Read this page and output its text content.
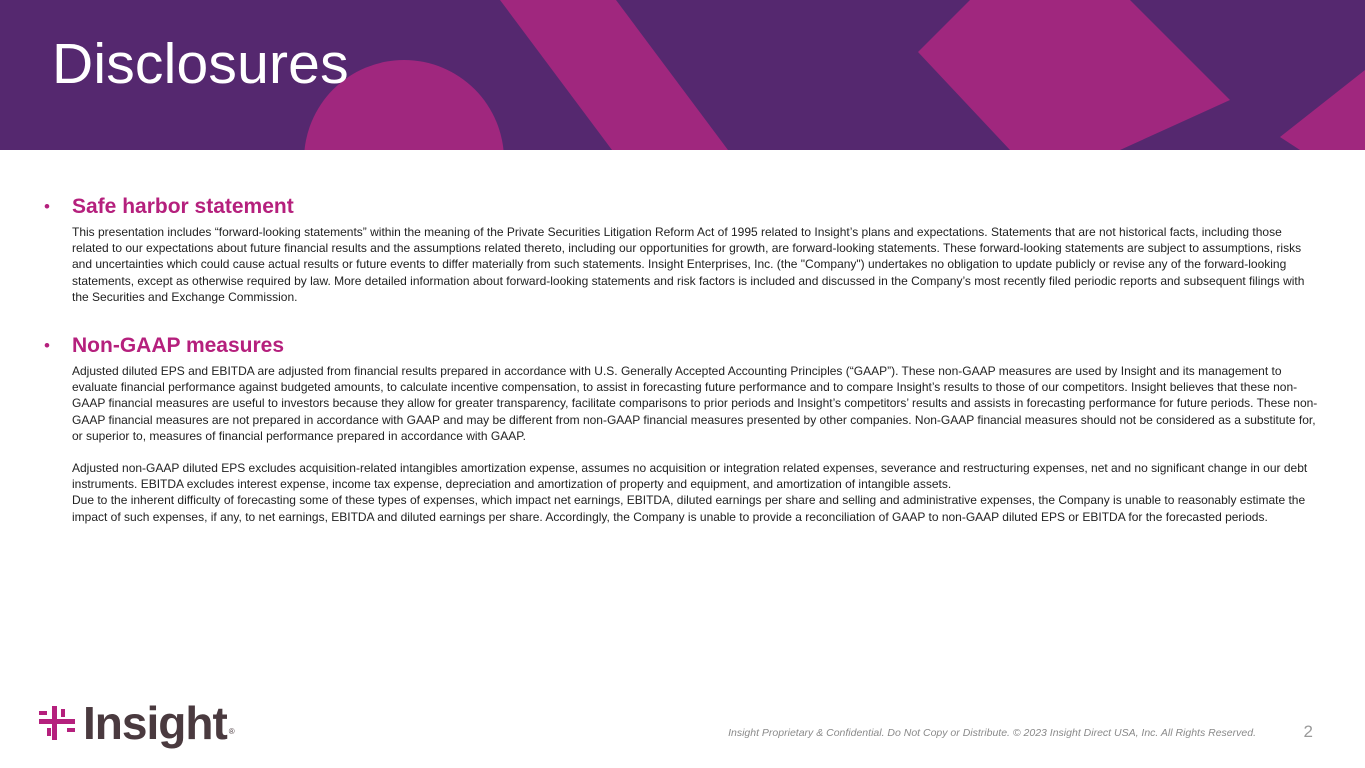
Disclosures
•	Safe harbor statement

This presentation includes “forward-looking statements” within the meaning of the Private Securities Litigation Reform Act of 1995 related to Insight’s plans and expectations. Statements that are not historical facts, including those related to our expectations about future financial results and the assumptions related thereto, including our opportunities for growth, are forward-looking statements. These forward-looking statements are subject to assumptions, risks and uncertainties which could cause actual results or future events to differ materially from such statements. Insight Enterprises, Inc. (the "Company") undertakes no obligation to update publicly or revise any of the forward-looking statements, except as otherwise required by law. More detailed information about forward-looking statements and risk factors is included and discussed in the Company’s most recently filed periodic reports and subsequent filings with the Securities and Exchange Commission.

•	Non-GAAP measures

Adjusted diluted EPS and EBITDA are adjusted from financial results prepared in accordance with U.S. Generally Accepted Accounting Principles (“GAAP”). These non-GAAP measures are used by Insight and its management to evaluate financial performance against budgeted amounts, to calculate incentive compensation, to assist in forecasting future performance and to compare Insight’s results to those of our competitors. Insight believes that these non-GAAP financial measures are useful to investors because they allow for greater transparency, facilitate comparisons to prior periods and Insight’s competitors’ results and assists in forecasting performance for future periods. These non-GAAP financial measures are not prepared in accordance with GAAP and may be different from non-GAAP financial measures presented by other companies. Non-GAAP financial measures should not be considered as a substitute for, or superior to, measures of financial performance prepared in accordance with GAAP.

Adjusted non-GAAP diluted EPS excludes acquisition-related intangibles amortization expense, assumes no acquisition or integration related expenses, severance and restructuring expenses, net and no significant change in our debt instruments. EBITDA excludes interest expense, income tax expense, depreciation and amortization of property and equipment, and amortization of intangible assets.

Due to the inherent difficulty of forecasting some of these types of expenses, which impact net earnings, EBITDA, diluted earnings per share and selling and administrative expenses, the Company is unable to reasonably estimate the impact of such expenses, if any, to net earnings, EBITDA and diluted earnings per share. Accordingly, the Company is unable to provide a reconciliation of GAAP to non-GAAP diluted EPS or EBITDA for the forecasted periods.

Insight ®	Insight Proprietary & Confidential. Do Not Copy or Distribute. © 2023 Insight Direct USA, Inc. All Rights Reserved.	2
